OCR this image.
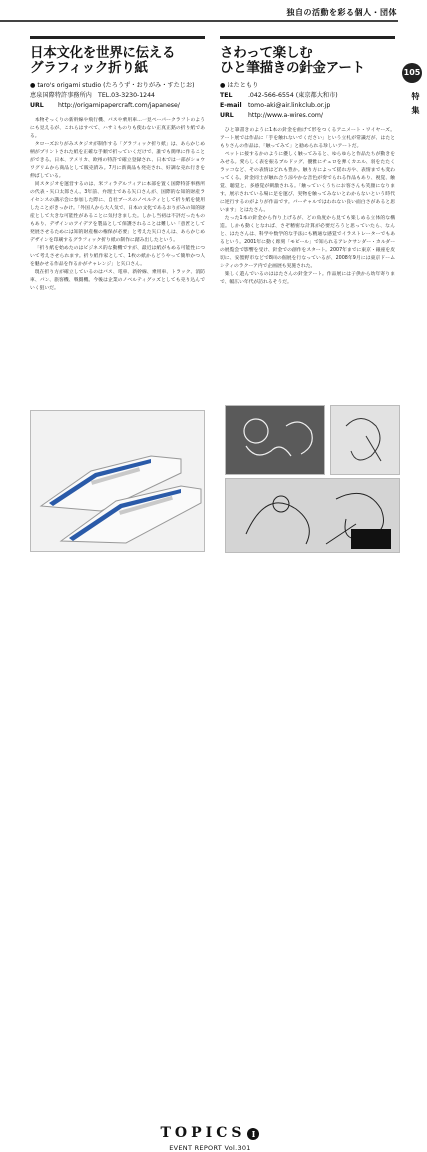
独自の活動を彩る個人・団体
105
特集
日本文化を世界に伝える
グラフィック折り紙
● taro's origami studio (たろうず・おりがみ・すたじお)
恵泉国際特許事務所内　TEL.03-3230-1244
URL http://origamipapercraft.com/japanese/

本物そっくりの新幹線や飛行機、バスや乗用車…一見ペーパークラフトのようにも見えるが、これらはすべて、ハサミものりも使わない正真正銘の折り紙である。

タローズおりがみスタジオが制作する「グラフィック折り紙」は、あらかじめ柄がプリントされた紙を正確な手順で折っていくだけで、誰でも簡単に作ることができる。日本、アメリカ、欧州の特許で確立登録され、日本では一部がショウワグリムから商品として販売済み。7月に新商品も発売され、好調な売れ行きを伸ばしている。

同スタジオを運営するのは、米フィラデルフィアに本部を置く国際特許事務所の代表・矢口太郎さん。3年前、弁理士である矢口さんが、国際的な知的財産ライセンスの講示会に参加した際に、自社ブースのノベルティとして折り紙を使用したことがきっかけ。「外国人から大人気で、日本の文化であるおりがみの知的財産として大きな可能性があることに気付きました。しかし当初は不評だったものもあり、デザインのアイデアを製品として保護されることは難しい「意匠として発展させるためには知的財産権の権保が必要」と考えた矢口さんは、あらかじめデザインを印刷するグラフィック折り紙の制作に踏み出したという。

「折り紙を始めたのはビジネス的な動機ですが、最近は紙がもめる可能性について考えさせられます。折り紙作家として、1枚の紙からどうやって簡単かつ人を魅かせる作品を作るかがチャレンジ」と矢口さん。

現在折り方が確立しているのはバス、電車、新幹線、乗用車、トラック、消防車、バン、旅客機、戦闘機。今後は企業のノベルティグッズとしても売り込んでいく狙いだ。

さわって楽しむ
ひと筆描きの針金アート
● はたともり
TEL	.042-566-6554 (東京都大和市)
E-mail tomo-aki@air.linkclub.or.jp
URL http://www.a-wires.com/

ひと筆書きのように1本の針金を曲げて形をつくるアニメート・ワイヤーズ。アート展では作品に「手を触れないでください」という立札が常識だが、はたともりさんの作品は、「触ってみて」と勧められる珍しいアートだ。

ペットに接するかのように優しく触ってみると、ゆらゆらと作品たちが動きをみせる。愛らしく表を振るブルドッグ、優雅にチェロを弾くカエル、羽をたたくラッコなど、その表情はどれも豊か。触り方によって揺れ方や、表情までも変わってくる。針金同士が触れ合う涼やかな音色が奏でられる作品もあり、視覚、触覚、聴覚と、多感覚が刺激される。「触っていくうちにお客さんも笑顔になります。展示されている場に足を運び、実物を触ってみないとわからないという時代に逆行するのがよりが作品です。バーチャルではわれない良い面白さがあると思います」とはたさん。

たった1本の針金から作り上げるが、どの角度から見ても楽しめる立体的な構造。しかも動くとなれば、さぞ精密な計算が必要だろうと思っていたら、なんと、はたさんは、科学や数学的な手法にも精通な感覚でイラストレーターでもあるという。2001年に動く彫刻「モビール」で知られるアレクサンダー・カルダーの展覧会で影響を受け、針金での創作をスタート。2007年までに東京・銀座を皮切に、安曇野市などで8回の個展を行なっているが、2008年9月には東京ドームシティのラクーア内で企画展も実施された。

楽しく遊んでいるのははたさんの針金アート。作品展には子供から幼年寄りまで、幅広い年代が訪れるそうだ。

TOPICS I
EVENT REPORT Vol.301
